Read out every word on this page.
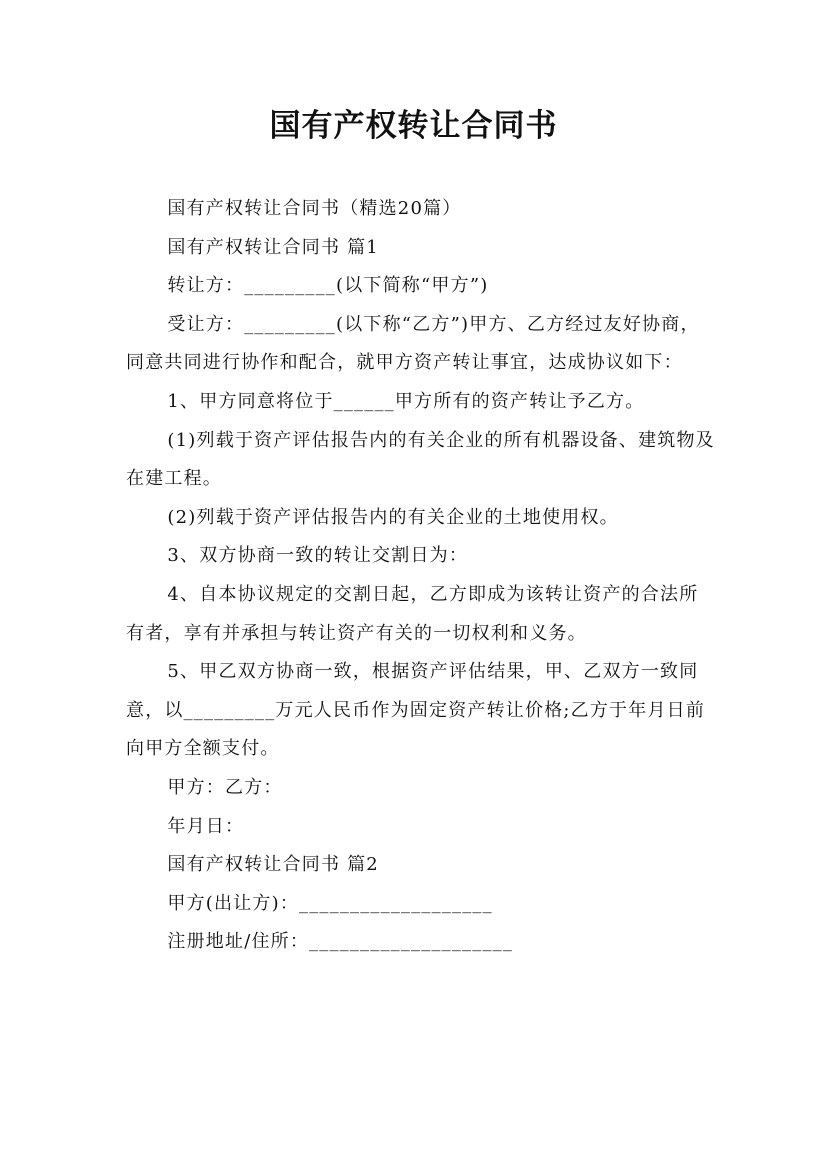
国有产权转让合同书

国有产权转让合同书（精选20篇）

国有产权转让合同书 篇1

转让方：_________(以下简称“甲方”)

受让方：_________(以下称“乙方”)甲方、乙方经过友好协商，同意共同进行协作和配合，就甲方资产转让事宜，达成协议如下：

1、甲方同意将位于______甲方所有的资产转让予乙方。

(1)列载于资产评估报告内的有关企业的所有机器设备、建筑物及在建工程。

(2)列载于资产评估报告内的有关企业的土地使用权。

3、双方协商一致的转让交割日为：

4、自本协议规定的交割日起，乙方即成为该转让资产的合法所有者，享有并承担与转让资产有关的一切权利和义务。

5、甲乙双方协商一致，根据资产评估结果，甲、乙双方一致同意，以_________万元人民币作为固定资产转让价格;乙方于年月日前向甲方全额支付。

甲方：乙方：

年月日：

国有产权转让合同书 篇2

甲方(出让方)：___________________

注册地址/住所：____________________
